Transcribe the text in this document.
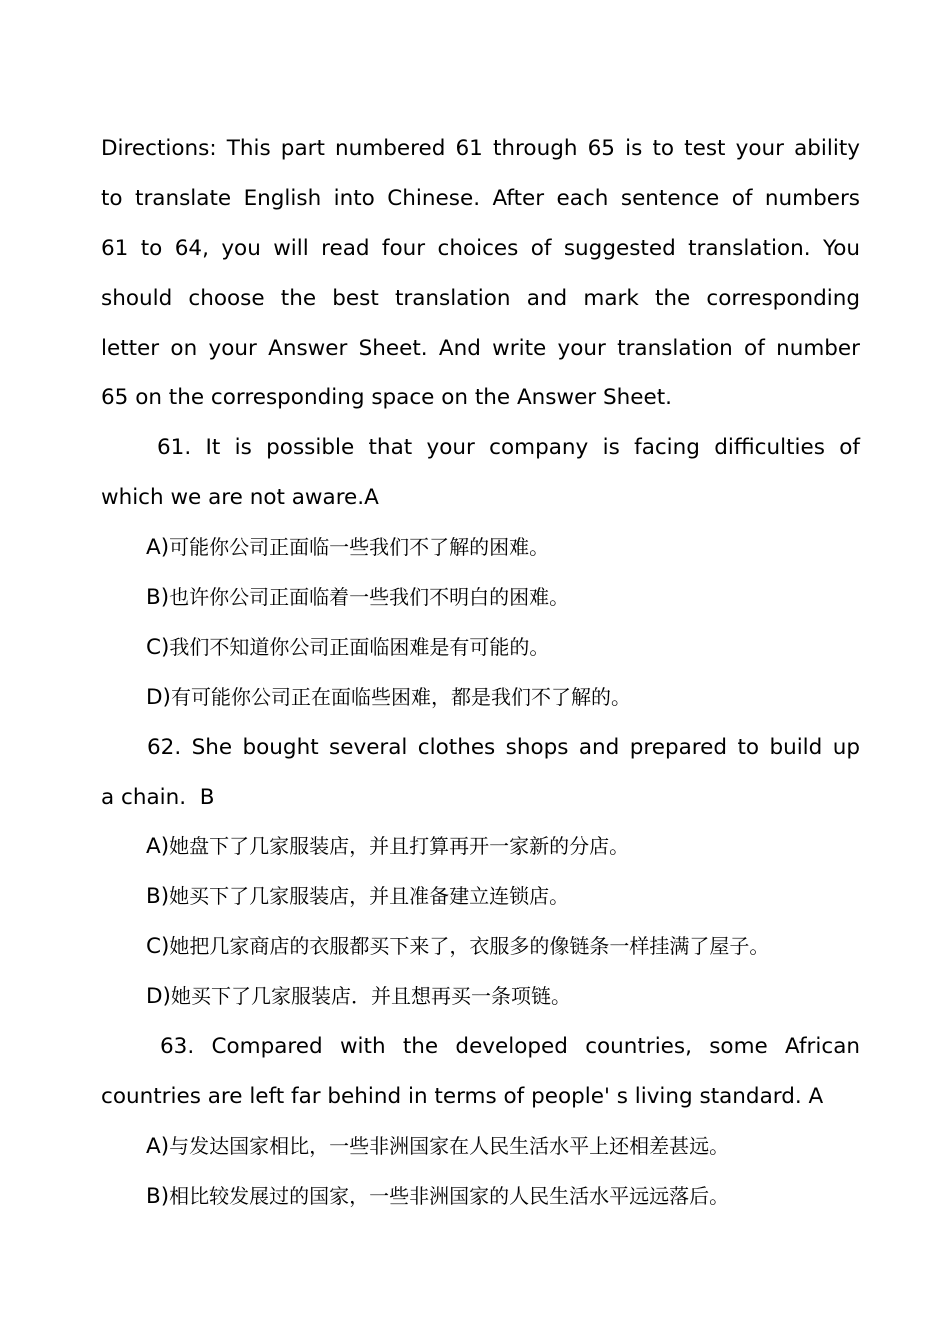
Directions: This part numbered 61 through 65 is to test your ability
to translate English into Chinese. After each sentence of numbers
61 to 64, you will read four choices of suggested translation. You
should choose the best translation and mark the corresponding
letter on your Answer Sheet. And write your translation of number
65 on the corresponding space on the Answer Sheet.
61. It is possible that your company is facing difficulties of
which we are not aware.A
A)可能你公司正面临一些我们不了解的困难。
B)也许你公司正面临着一些我们不明白的困难。
C)我们不知道你公司正面临困难是有可能的。
D)有可能你公司正在面临些困难，都是我们不了解的。
62. She bought several clothes shops and prepared to build up
a chain.  B
A)她盘下了几家服装店，并且打算再开一家新的分店。
B)她买下了几家服装店，并且准备建立连锁店。
C)她把几家商店的衣服都买下来了，衣服多的像链条一样挂满了屋子。
D)她买下了几家服装店．并且想再买一条项链。
63. Compared with the developed countries, some African
countries are left far behind in terms of people' s living standard. A
A)与发达国家相比，一些非洲国家在人民生活水平上还相差甚远。
B)相比较发展过的国家，一些非洲国家的人民生活水平远远落后。
